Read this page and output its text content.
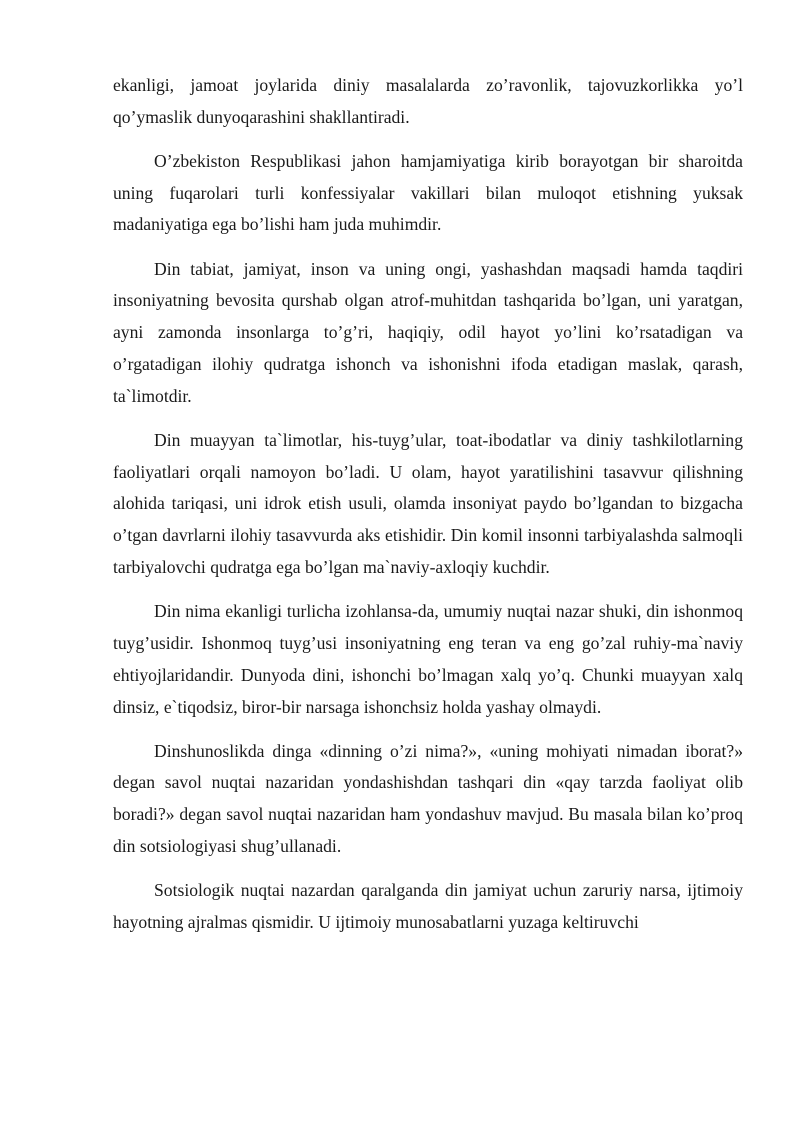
ekanligi, jamoat joylarida diniy masalalarda zo’ravonlik, tajovuzkorlikka yo’l qo’ymaslik dunyoqarashini shakllantiradi.

O’zbekiston Respublikasi jahon hamjamiyatiga kirib borayotgan bir sharoitda uning fuqarolari turli konfessiyalar vakillari bilan muloqot etishning yuksak madaniyatiga ega bo’lishi ham juda muhimdir.

Din tabiat, jamiyat, inson va uning ongi, yashashdan maqsadi hamda taqdiri insoniyatning bevosita qurshab olgan atrof-muhitdan tashqarida bo’lgan, uni yaratgan, ayni zamonda insonlarga to’g’ri, haqiqiy, odil hayot yo’lini ko’rsatadigan va o’rgatadigan ilohiy qudratga ishonch va ishonishni ifoda etadigan maslak, qarash, ta`limotdir.

Din muayyan ta`limotlar, his-tuyg’ular, toat-ibodatlar va diniy tashkilotlarning faoliyatlari orqali namoyon bo’ladi. U olam, hayot yaratilishini tasavvur qilishning alohida tariqasi, uni idrok etish usuli, olamda insoniyat paydo bo’lgandan to bizgacha o’tgan davrlarni ilohiy tasavvurda aks etishidir. Din komil insonni tarbiyalashda salmoqli tarbiyalovchi qudratga ega bo’lgan ma`naviy-axloqiy kuchdir.

Din nima ekanligi turlicha izohlansa-da, umumiy nuqtai nazar shuki, din ishonmoq tuyg’usidir. Ishonmoq tuyg’usi insoniyatning eng teran va eng go’zal ruhiy-ma`naviy ehtiyojlaridandir. Dunyoda dini, ishonchi bo’lmagan xalq yo’q. Chunki muayyan xalq dinsiz, e`tiqodsiz, biror-bir narsaga ishonchsiz holda yashay olmaydi.

Dinshunoslikda dinga «dinning o’zi nima?», «uning mohiyati nimadan iborat?» degan savol nuqtai nazaridan yondashishdan tashqari din «qay tarzda faoliyat olib boradi?» degan savol nuqtai nazaridan ham yondashuv mavjud. Bu masala bilan ko’proq din sotsiologiyasi shug’ullanadi.

Sotsiologik nuqtai nazardan qaralganda din jamiyat uchun zaruriy narsa, ijtimoiy hayotning ajralmas qismidir. U ijtimoiy munosabatlarni yuzaga keltiruvchi
